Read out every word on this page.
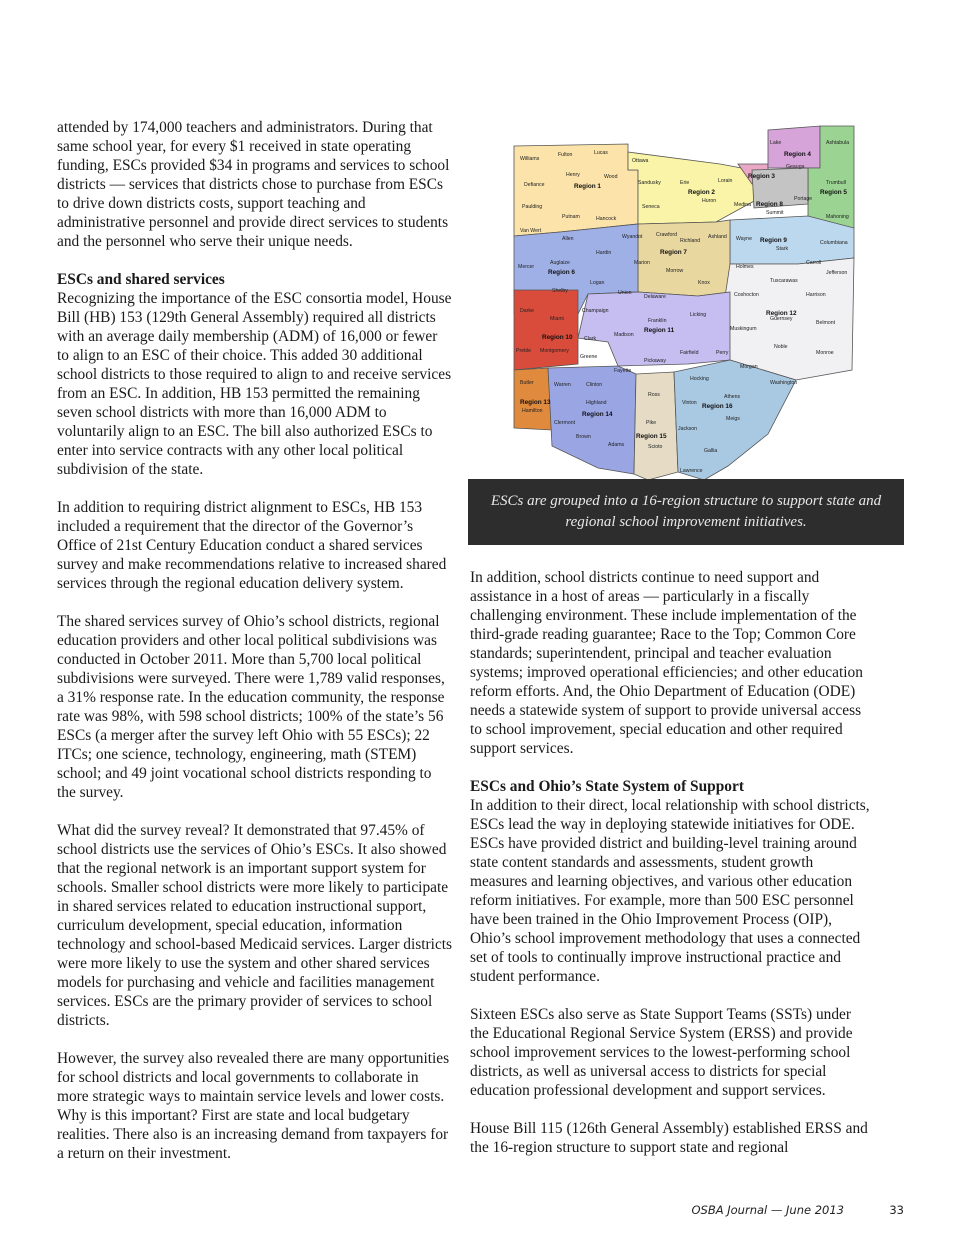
attended by 174,000 teachers and administrators. During that same school year, for every $1 received in state operating funding, ESCs provided $34 in programs and services to school districts — services that districts chose to purchase from ESCs to drive down districts costs, support teaching and administrative personnel and provide direct services to students and the personnel who serve their unique needs.

ESCs and shared services

Recognizing the importance of the ESC consortia model, House Bill (HB) 153 (129th General Assembly) required all districts with an average daily membership (ADM) of 16,000 or fewer to align to an ESC of their choice. This added 30 additional school districts to those required to align to and receive services from an ESC. In addition, HB 153 permitted the remaining seven school districts with more than 16,000 ADM to voluntarily align to an ESC. The bill also authorized ESCs to enter into service contracts with any other local political subdivision of the state.

In addition to requiring district alignment to ESCs, HB 153 included a requirement that the director of the Governor’s Office of 21st Century Education conduct a shared services survey and make recommendations relative to increased shared services through the regional education delivery system.

The shared services survey of Ohio’s school districts, regional education providers and other local political subdivisions was conducted in October 2011. More than 5,700 local political subdivisions were surveyed. There were 1,789 valid responses, a 31% response rate. In the education community, the response rate was 98%, with 598 school districts; 100% of the state’s 56 ESCs (a merger after the survey left Ohio with 55 ESCs); 22 ITCs; one science, technology, engineering, math (STEM) school; and 49 joint vocational school districts responding to the survey.

What did the survey reveal? It demonstrated that 97.45% of school districts use the services of Ohio’s ESCs. It also showed that the regional network is an important support system for schools. Smaller school districts were more likely to participate in shared services related to education instructional support, curriculum development, special education, information technology and school-based Medicaid services. Larger districts were more likely to use the system and other shared services models for purchasing and vehicle and facilities management services. ESCs are the primary provider of services to school districts.

However, the survey also revealed there are many opportunities for school districts and local governments to collaborate in more strategic ways to maintain service levels and lower costs. Why is this important? First are state and local budgetary realities. There also is an increasing demand from taxpayers for a return on their investment.

Region 1
Region 2
Region 3
Region 4
Region 5
Region 6
Region 7
Region 8
Region 9
Region 10
Region 11
Region 12
Region 13
Region 14
Region 15
Region 16
Williams
Fulton	Lucas
Defiance
Henry	Wood
Ottawa
Lake	Ashtabula
Geauga
Lorain
Erie
Sandusky
Paulding
Putnam	Hancock
Seneca
Huron
Trumbull
Portage
Summit
Medina
Mahoning
Van Wert
Allen
Hardin
Wyandot	Crawford
Richland
Ashland Wayne
Stark
Columbiana
Mercer
Auglaize
Shelby
Logan
Union
Delaware
Marion
Morrow
Knox
Holmes
Carroll
Jefferson
Tuscarawas
Harrison
Coshocton
Guernsey
Belmont
Darke
Miami
Champaign
Clark
Madison
Franklin
Licking
Muskingum
Noble
Monroe
Preble Montgomery
Greene
Fayette
Pickaway
Fairfield	Perry
Morgan
Washington
Butler	Warren	Clinton
Ross
Hocking
Athens
Hamilton
Clermont
Highland
Pike
Vinton
Meigs
Brown
Adams	Scioto
Jackson
Gallia
Lawrence
ESCs are grouped into a 16-region structure to support state and regional school improvement initiatives.

In addition, school districts continue to need support and assistance in a host of areas — particularly in a fiscally challenging environment. These include implementation of the third-grade reading guarantee; Race to the Top; Common Core standards; superintendent, principal and teacher evaluation systems; improved operational efficiencies; and other education reform efforts. And, the Ohio Department of Education (ODE) needs a statewide system of support to provide universal access to school improvement, special education and other required support services.

ESCs and Ohio’s State System of Support

In addition to their direct, local relationship with school districts, ESCs lead the way in deploying statewide initiatives for ODE. ESCs have provided district and building-level training around state content standards and assessments, student growth measures and learning objectives, and various other education reform initiatives. For example, more than 500 ESC personnel have been trained in the Ohio Improvement Process (OIP), Ohio’s school improvement methodology that uses a connected set of tools to continually improve instructional practice and student performance.

Sixteen ESCs also serve as State Support Teams (SSTs) under the Educational Regional Service System (ERSS) and provide school improvement services to the lowest-performing school districts, as well as universal access to districts for special education professional development and support services.

House Bill 115 (126th General Assembly) established ERSS and the 16-region structure to support state and regional

OSBA Journal — June 2013	33
